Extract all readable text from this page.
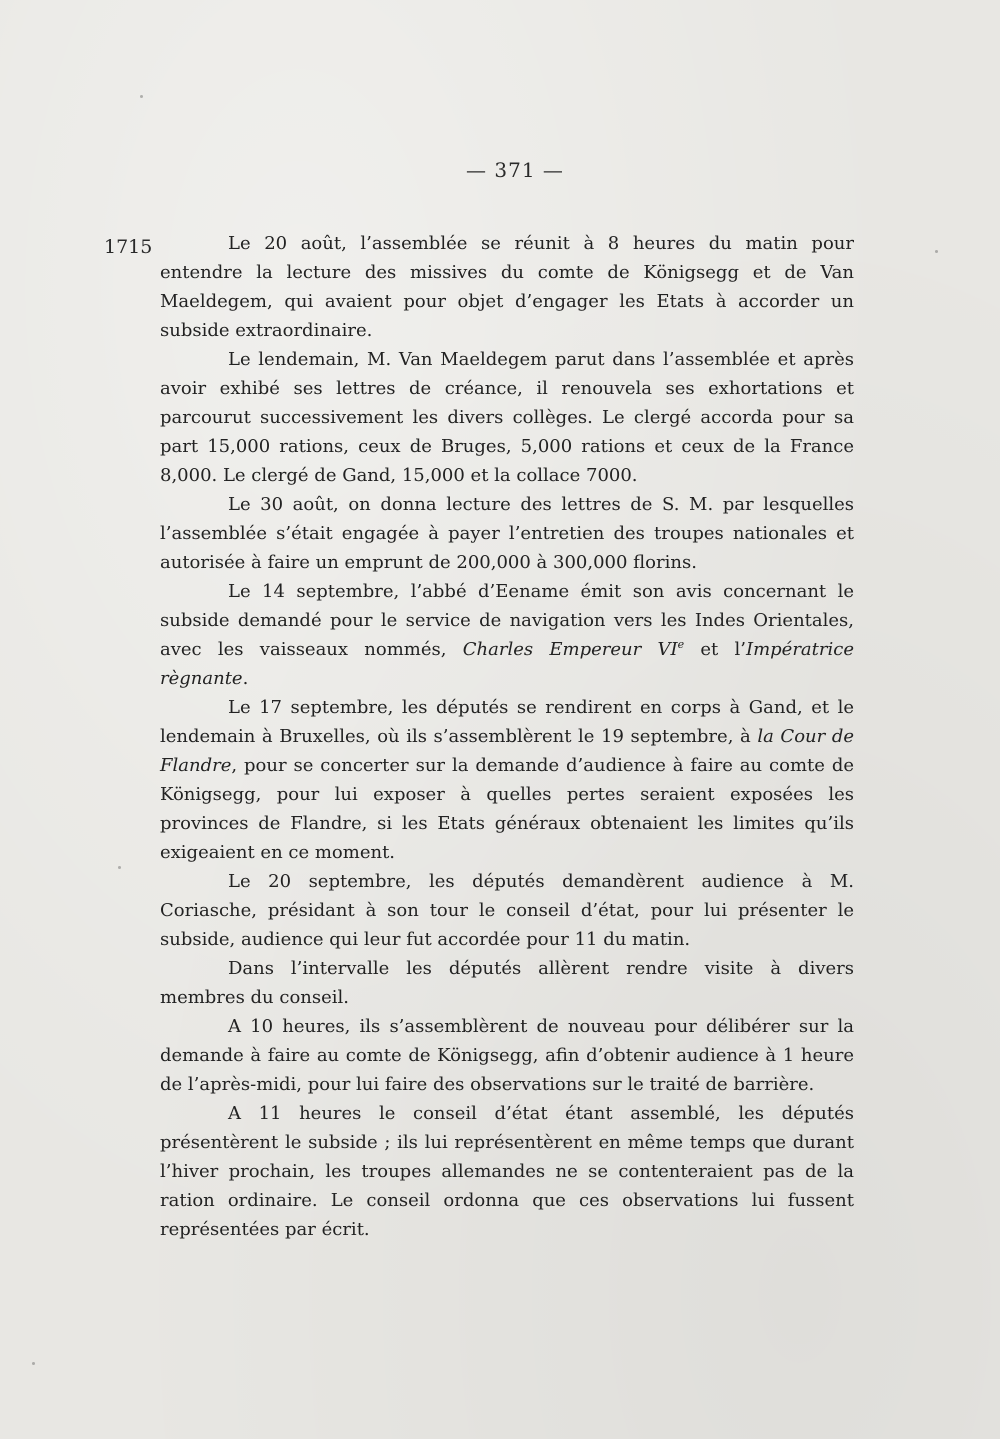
— 371 —
1715	Le 20 août, l’assemblée se réunit à 8 heures du matin pour entendre la lecture des missives du comte de Königsegg et de Van Maeldegem, qui avaient pour objet d’engager les Etats à accorder un subside extraordinaire.

Le lendemain, M. Van Maeldegem parut dans l’assemblée et après avoir exhibé ses lettres de créance, il renouvela ses exhortations et parcourut successivement les divers collèges. Le clergé accorda pour sa part 15,000 rations, ceux de Bruges, 5,000 rations et ceux de la France 8,000. Le clergé de Gand, 15,000 et la collace 7000.

Le 30 août, on donna lecture des lettres de S. M. par lesquelles l’assemblée s’était engagée à payer l’entretien des troupes nationales et autorisée à faire un emprunt de 200,000 à 300,000 florins.

Le 14 septembre, l’abbé d’Eename émit son avis concernant le subside demandé pour le service de navigation vers les Indes Orientales, avec les vaisseaux nommés, Charles Empereur VIe et l’Impératrice règnante.

Le 17 septembre, les députés se rendirent en corps à Gand, et le lendemain à Bruxelles, où ils s’assemblèrent le 19 septembre, à la Cour de Flandre, pour se concerter sur la demande d’audience à faire au comte de Königsegg, pour lui exposer à quelles pertes seraient exposées les provinces de Flandre, si les Etats généraux obtenaient les limites qu’ils exigeaient en ce moment.

Le 20 septembre, les députés demandèrent audience à M. Coriasche, présidant à son tour le conseil d’état, pour lui présenter le subside, audience qui leur fut accordée pour 11 du matin.

Dans l’intervalle les députés allèrent rendre visite à divers membres du conseil.

A 10 heures, ils s’assemblèrent de nouveau pour délibérer sur la demande à faire au comte de Königsegg, afin d’obtenir audience à 1 heure de l’après-midi, pour lui faire des observations sur le traité de barrière.

A 11 heures le conseil d’état étant assemblé, les députés présentèrent le subside ; ils lui représentèrent en même temps que durant l’hiver prochain, les troupes allemandes ne se contenteraient pas de la ration ordinaire. Le conseil ordonna que ces observations lui fussent représentées par écrit.
